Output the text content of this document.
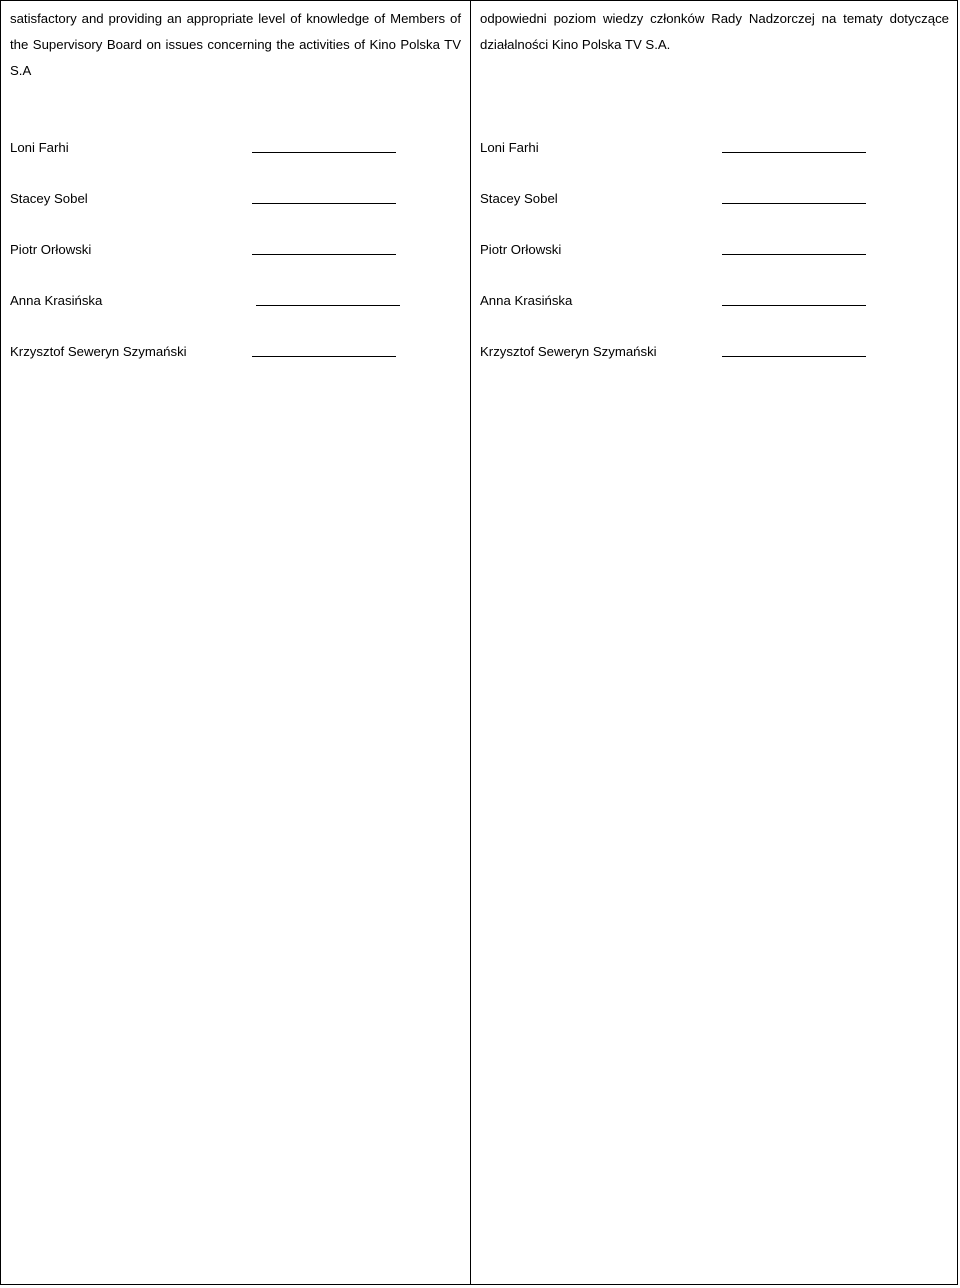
satisfactory and providing an appropriate level of knowledge of Members of the Supervisory Board on issues concerning the activities of Kino Polska TV S.A

Loni Farhi
Stacey Sobel
Piotr Orłowski
Anna Krasińska
Krzysztof Seweryn Szymański

odpowiedni poziom wiedzy członków Rady Nadzorczej na tematy dotyczące działalności Kino Polska TV S.A.

Loni Farhi
Stacey Sobel
Piotr Orłowski
Anna Krasińska
Krzysztof Seweryn Szymański
